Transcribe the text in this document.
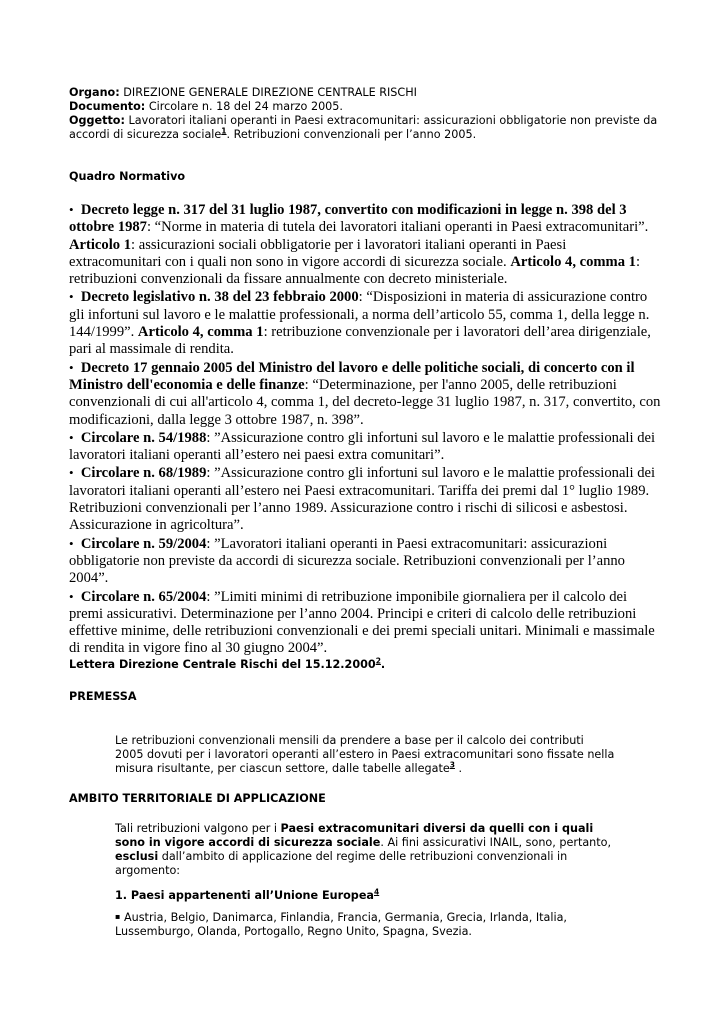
Organo: DIREZIONE GENERALE DIREZIONE CENTRALE RISCHI

Documento: Circolare n. 18 del 24 marzo 2005.

Oggetto: Lavoratori italiani operanti in Paesi extracomunitari: assicurazioni obbligatorie non previste da accordi di sicurezza sociale$^1$. Retribuzioni convenzionali per l’anno 2005.

Quadro Normativo

• Decreto legge n. 317 del 31 luglio 1987, convertito con modificazioni in legge n. 398 del 3 ottobre 1987: “Norme in materia di tutela dei lavoratori italiani operanti in Paesi extracomunitari”. Articolo 1: assicurazioni sociali obbligatorie per i lavoratori italiani operanti in Paesi extracomunitari con i quali non sono in vigore accordi di sicurezza sociale. Articolo 4, comma 1: retribuzioni convenzionali da fissare annualmente con decreto ministeriale.

• Decreto legislativo n. 38 del 23 febbraio 2000: “Disposizioni in materia di assicurazione contro gli infortuni sul lavoro e le malattie professionali, a norma dell’articolo 55, comma 1, della legge n. 144/1999”. Articolo 4, comma 1: retribuzione convenzionale per i lavoratori dell’area dirigenziale, pari al massimale di rendita.

• Decreto 17 gennaio 2005 del Ministro del lavoro e delle politiche sociali, di concerto con il Ministro dell'economia e delle finanze: “Determinazione, per l'anno 2005, delle retribuzioni convenzionali di cui all'articolo 4, comma 1, del decreto-legge 31 luglio 1987, n. 317, convertito, con modificazioni, dalla legge 3 ottobre 1987, n. 398”.

• Circolare n. 54/1988: ”Assicurazione contro gli infortuni sul lavoro e le malattie professionali dei lavoratori italiani operanti all’estero nei paesi extra comunitari”.

• Circolare n. 68/1989: ”Assicurazione contro gli infortuni sul lavoro e le malattie professionali dei lavoratori italiani operanti all’estero nei Paesi extracomunitari. Tariffa dei premi dal 1° luglio 1989. Retribuzioni convenzionali per l’anno 1989. Assicurazione contro i rischi di silicosi e asbestosi. Assicurazione in agricoltura”.

• Circolare n. 59/2004: ”Lavoratori italiani operanti in Paesi extracomunitari: assicurazioni obbligatorie non previste da accordi di sicurezza sociale. Retribuzioni convenzionali per l’anno 2004”.

• Circolare n. 65/2004: ”Limiti minimi di retribuzione imponibile giornaliera per il calcolo dei premi assicurativi. Determinazione per l’anno 2004. Principi e criteri di calcolo delle retribuzioni effettive minime, delle retribuzioni convenzionali e dei premi speciali unitari. Minimali e massimale di rendita in vigore fino al 30 giugno 2004”.

Lettera Direzione Centrale Rischi del 15.12.2000$^2$.
PREMESSA

Le retribuzioni convenzionali mensili da prendere a base per il calcolo dei contributi 2005 dovuti per i lavoratori operanti all’estero in Paesi extracomunitari sono fissate nella misura risultante, per ciascun settore, dalle tabelle allegate$^3$ .

AMBITO TERRITORIALE DI APPLICAZIONE

Tali retribuzioni valgono per i Paesi extracomunitari diversi da quelli con i quali sono in vigore accordi di sicurezza sociale. Ai fini assicurativi INAIL, sono, pertanto, esclusi dall’ambito di applicazione del regime delle retribuzioni convenzionali in argomento:

1. Paesi appartenenti all’Unione Europea$^4$

▪ Austria, Belgio, Danimarca, Finlandia, Francia, Germania, Grecia, Irlanda, Italia, Lussemburgo, Olanda, Portogallo, Regno Unito, Spagna, Svezia.
